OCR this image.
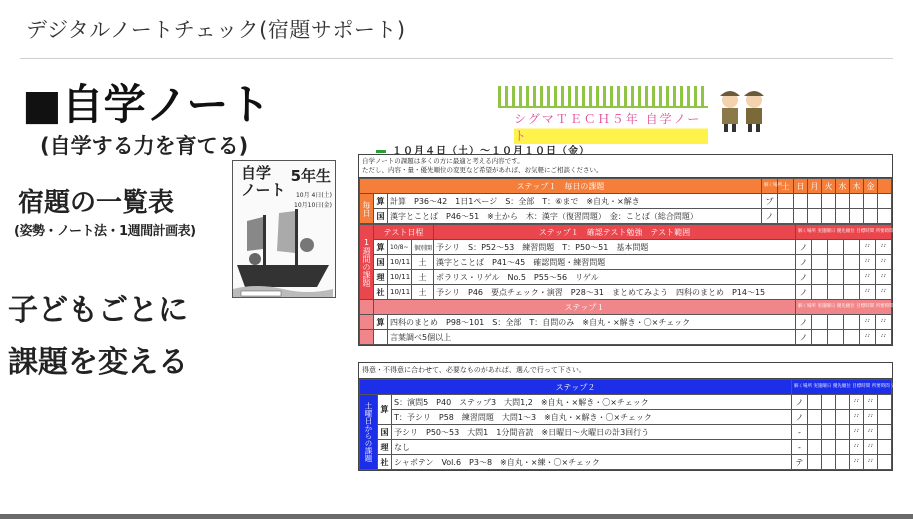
デジタルノートチェック(宿題サポート)
■自学ノート
(自学する力を育てる)
宿題の一覧表
(姿勢・ノート法・1週間計画表)
子どもごとに
課題を変える
自学
ノート
5年生
10月 4日(土)
10月10日(金)
シグマＴＥＣＨ５年 自学ノート
１０月４日（土）～１０月１０日（金）
自学ノートの課題は多くの方に最適と考える内容です。
ただし、内容・量・優先順位の変更など希望があれば、お気軽にご相談ください。
ステップ１　毎日の課題			解く場所	土	日	月	火	水	木	金	
毎日	算	計算　P36～42　1日1ページ　S：全部　T：⑥まで　※自丸・×解き	プ								
	国	漢字とことば　P46～51　※土から　木：漢字（復習問題）　金：ことば（総合問題）	ノ								
1週間の課題	テスト日程			ステップ１　確認テスト勉強　テスト範囲	解く場所 実施曜日 優先順位 目標時間 所要時間 完了					
	算	10/8~	個別開	予シリ　S：P52～53　練習問題　T：P50～51　基本問題	ノ				♪♪	♪♪
	国	10/11	土	漢字とことば　P41～45　確認問題・練習問題	ノ				♪♪	♪♪
	理	10/11	土	ポラリス・リゲル　No.5　P55～56　リゲル	ノ				♪♪	♪♪
	社	10/11	土	予シリ　P46　要点チェック・演習　P28～31　まとめてみよう　四科のまとめ　P14～15	ノ				♪♪	♪♪
	ステップ１				解く場所 実施曜日 優先順位 目標時間 所要時間 完了					
	算	四科のまとめ　P98～101　S：全部　T：自問のみ　※自丸・×解き・〇×チェック			ノ				♪♪	♪♪
		言葉調べ5個以上			ノ				♪♪	♪♪
得意・不得意に合わせて、必要なものがあれば、選んで行って下さい。
ステップ２			解く場所 実施曜日 優先順位 目標時間 所要時間 完了						
土曜日からの課題	算	S：演問5　P40　ステップ3　大問1,2　※自丸・×解き・〇×チェック	ノ				♪♪	♪♪	
		T：予シリ　P58　練習問題　大問1～3　※自丸・×解き・〇×チェック	ノ				♪♪	♪♪	
	国	予シリ　P50～53　大問1　1分間音読　※日曜日～火曜日の計3回行う	-				♪♪	♪♪	
	理	なし	-				♪♪	♪♪	
	社	シャボテン　Vol.6　P3～8　※自丸・×練・〇×チェック	テ				♪♪	♪♪	
